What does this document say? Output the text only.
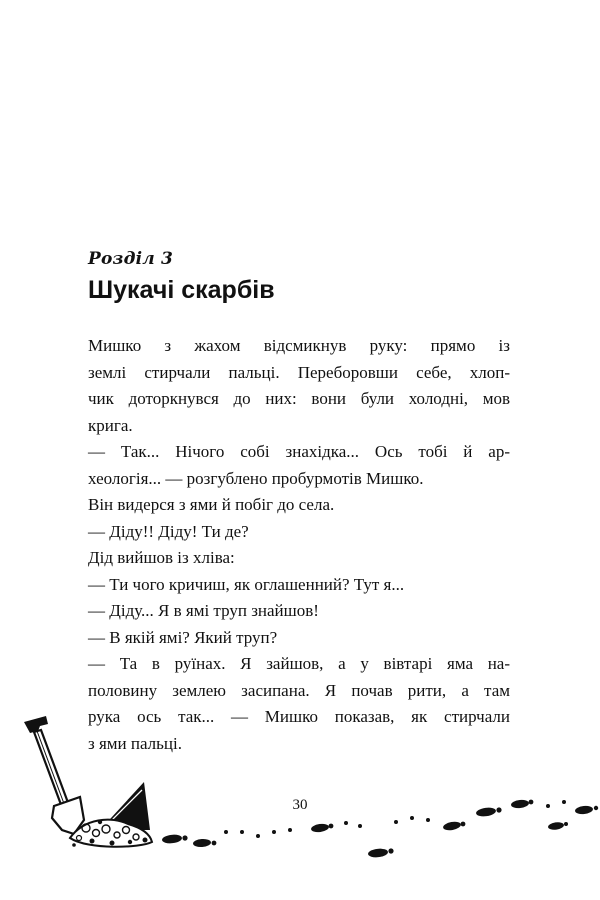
Розділ 3
Шукачі скарбів
Мишко з жахом відсмикнув руку: прямо із
землі стирчали пальці. Переборовши себе, хлоп-
чик доторкнувся до них: вони були холодні, мов
крига.
— Так... Нічого собі знахідка... Ось тобі й ар-
хеологія... — розгублено пробурмотів Мишко.
Він видерся з ями й побіг до села.
— Діду!! Діду! Ти де?
Дід вийшов із хліва:
— Ти чого кричиш, як оглашенний? Тут я...
— Діду... Я в ямі труп знайшов!
— В якій ямі? Який труп?
— Та в руїнах. Я зайшов, а у вівтарі яма на-
половину землею засипана. Я почав рити, а там
рука ось так... — Мишко показав, як стирчали
з ями пальці.
30
